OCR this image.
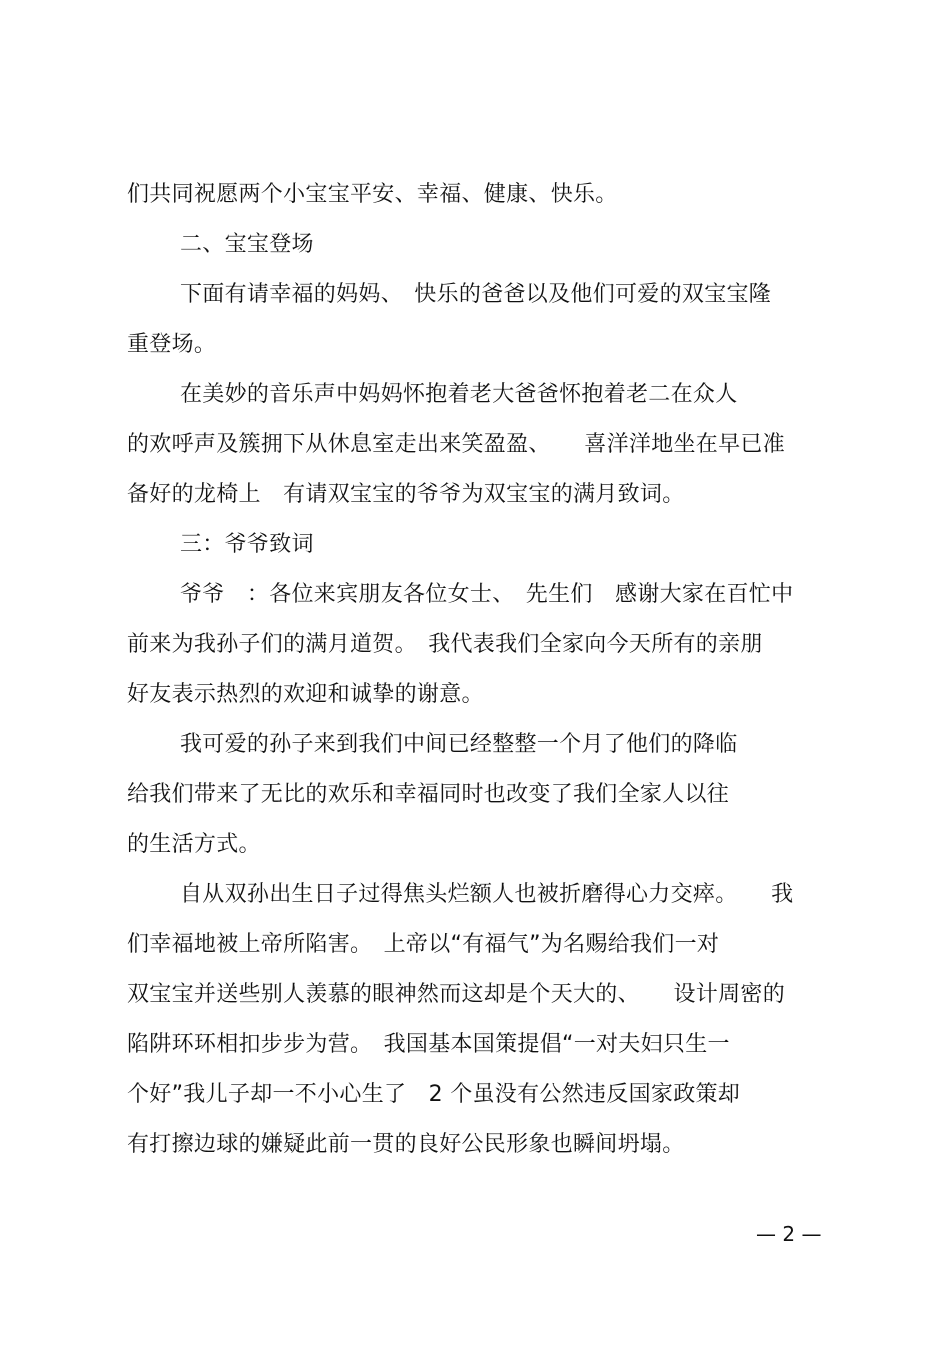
们共同祝愿两个小宝宝平安、幸福、健康、快乐。
二、宝宝登场
下面有请幸福的妈妈、　快乐的爸爸以及他们可爱的双宝宝隆
重登场。
在美妙的音乐声中妈妈怀抱着老大爸爸怀抱着老二在众人
的欢呼声及簇拥下从休息室走出来笑盈盈、　　喜洋洋地坐在早已准
备好的龙椅上　有请双宝宝的爷爷为双宝宝的满月致词。
三：爷爷致词
爷爷　：各位来宾朋友各位女士、　先生们　感谢大家在百忙中
前来为我孙子们的满月道贺。　我代表我们全家向今天所有的亲朋
好友表示热烈的欢迎和诚挚的谢意。
我可爱的孙子来到我们中间已经整整一个月了他们的降临
给我们带来了无比的欢乐和幸福同时也改变了我们全家人以往
的生活方式。
自从双孙出生日子过得焦头烂额人也被折磨得心力交瘁。　　我
们幸福地被上帝所陷害。　上帝以“有福气”为名赐给我们一对
双宝宝并送些别人羡慕的眼神然而这却是个天大的、　　设计周密的
陷阱环环相扣步步为营。　我国基本国策提倡“一对夫妇只生一
个好”我儿子却一不小心生了　2 个虽没有公然违反国家政策却
有打擦边球的嫌疑此前一贯的良好公民形象也瞬间坍塌。
— 2 —
